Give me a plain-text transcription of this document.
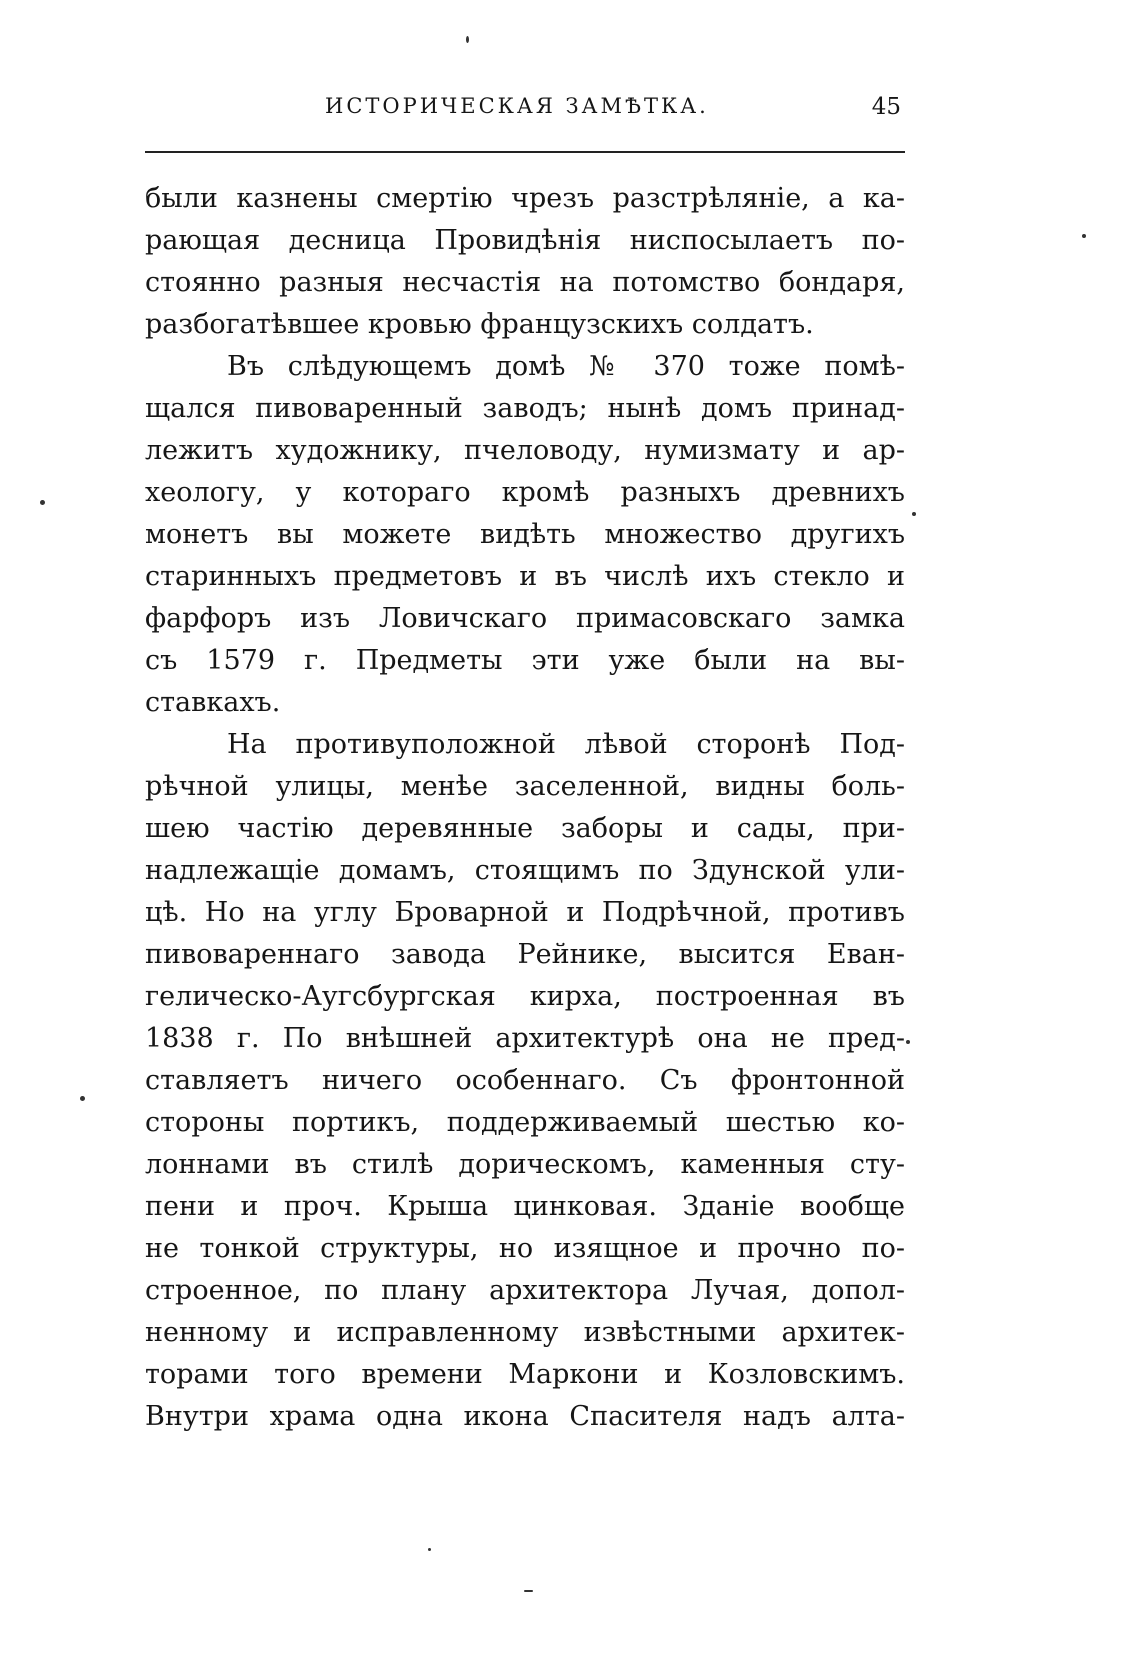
ИСТОРИЧЕСКАЯ ЗАМѢТКА.	45
были казнены смертію чрезъ разстрѣляніе, а ка-
рающая десница Провидѣнія ниспосылаетъ по-
стоянно разныя несчастія на потомство бондаря,
разбогатѣвшее кровью французскихъ солдатъ.
Въ слѣдующемъ домѣ № 370 тоже помѣ-
щался пивоваренный заводъ; нынѣ домъ принад-
лежитъ художнику, пчеловоду, нумизмату и ар-
хеологу, у котораго кромѣ разныхъ древнихъ
монетъ вы можете видѣть множество другихъ
старинныхъ предметовъ и въ числѣ ихъ стекло и
фарфоръ изъ Ловичскаго примасовскаго замка
съ 1579 г. Предметы эти уже были на вы-
ставкахъ.
На противуположной лѣвой сторонѣ Под-
рѣчной улицы, менѣе заселенной, видны боль-
шею частію деревянные заборы и сады, при-
надлежащіе домамъ, стоящимъ по Здунской ули-
цѣ. Но на углу Броварной и Подрѣчной, противъ
пивовареннаго завода Рейнике, высится Еван-
гелическо-Аугсбургская кирха, построенная въ
1838 г. По внѣшней архитектурѣ она не пред-
ставляетъ ничего особеннаго. Съ фронтонной
стороны портикъ, поддерживаемый шестью ко-
лоннами въ стилѣ дорическомъ, каменныя сту-
пени и проч. Крыша цинковая. Зданіе вообще
не тонкой структуры, но изящное и прочно по-
строенное, по плану архитектора Лучая, допол-
ненному и исправленному извѣстными архитек-
торами того времени Маркони и Козловскимъ.
Внутри храма одна икона Спасителя надъ алта-
